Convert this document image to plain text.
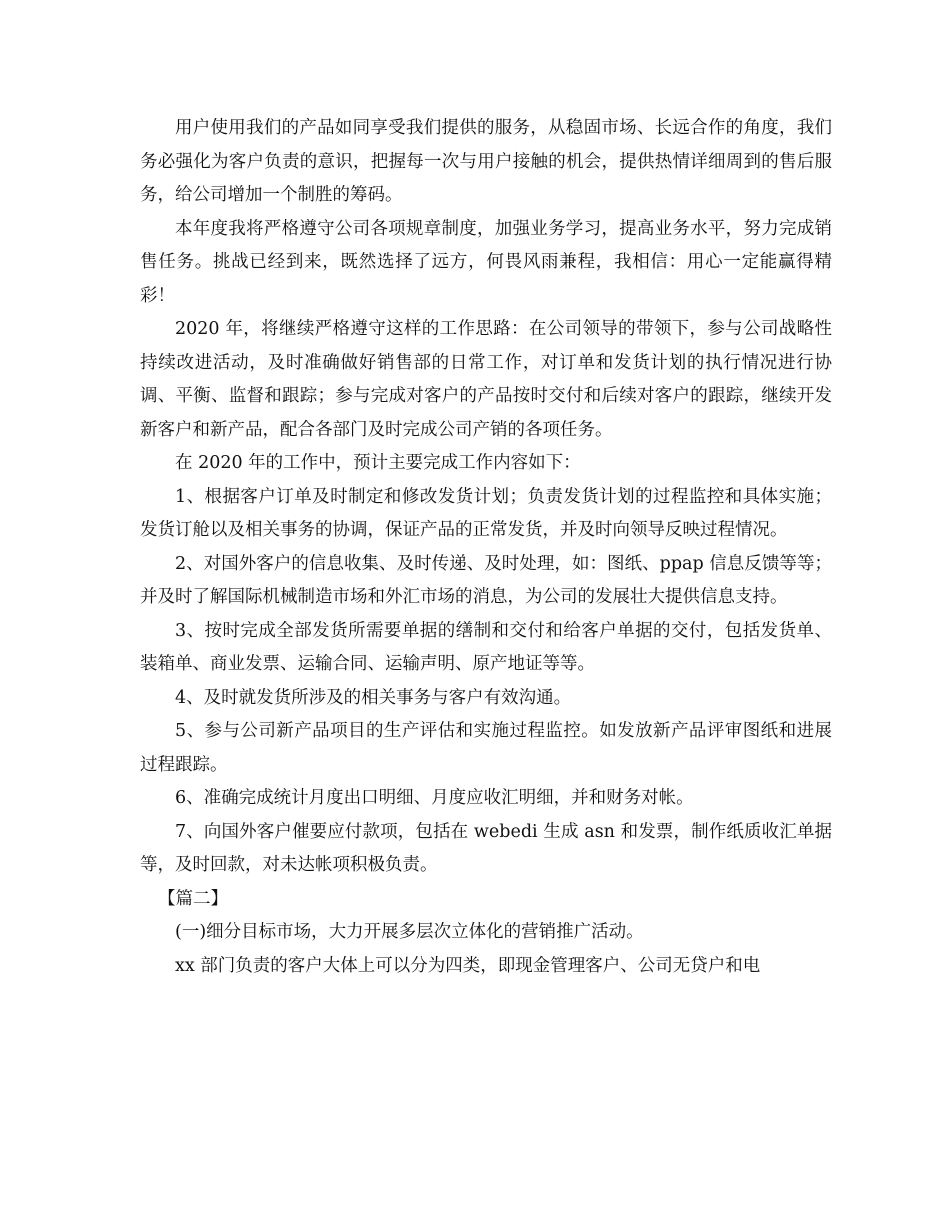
用户使用我们的产品如同享受我们提供的服务，从稳固市场、长远合作的角度，我们务必强化为客户负责的意识，把握每一次与用户接触的机会，提供热情详细周到的售后服务，给公司增加一个制胜的筹码。

本年度我将严格遵守公司各项规章制度，加强业务学习，提高业务水平，努力完成销售任务。挑战已经到来，既然选择了远方，何畏风雨兼程，我相信：用心一定能赢得精彩！

2020 年，将继续严格遵守这样的工作思路：在公司领导的带领下，参与公司战略性持续改进活动，及时准确做好销售部的日常工作，对订单和发货计划的执行情况进行协调、平衡、监督和跟踪；参与完成对客户的产品按时交付和后续对客户的跟踪，继续开发新客户和新产品，配合各部门及时完成公司产销的各项任务。

在 2020 年的工作中，预计主要完成工作内容如下：

1、根据客户订单及时制定和修改发货计划；负责发货计划的过程监控和具体实施；发货订舱以及相关事务的协调，保证产品的正常发货，并及时向领导反映过程情况。

2、对国外客户的信息收集、及时传递、及时处理，如：图纸、ppap 信息反馈等等；并及时了解国际机械制造市场和外汇市场的消息，为公司的发展壮大提供信息支持。

3、按时完成全部发货所需要单据的缮制和交付和给客户单据的交付，包括发货单、装箱单、商业发票、运输合同、运输声明、原产地证等等。

4、及时就发货所涉及的相关事务与客户有效沟通。

5、参与公司新产品项目的生产评估和实施过程监控。如发放新产品评审图纸和进展过程跟踪。

6、准确完成统计月度出口明细、月度应收汇明细，并和财务对帐。

7、向国外客户催要应付款项，包括在 webedi 生成 asn 和发票，制作纸质收汇单据等，及时回款，对未达帐项积极负责。

【篇二】

(一)细分目标市场，大力开展多层次立体化的营销推广活动。

xx 部门负责的客户大体上可以分为四类，即现金管理客户、公司无贷户和电
